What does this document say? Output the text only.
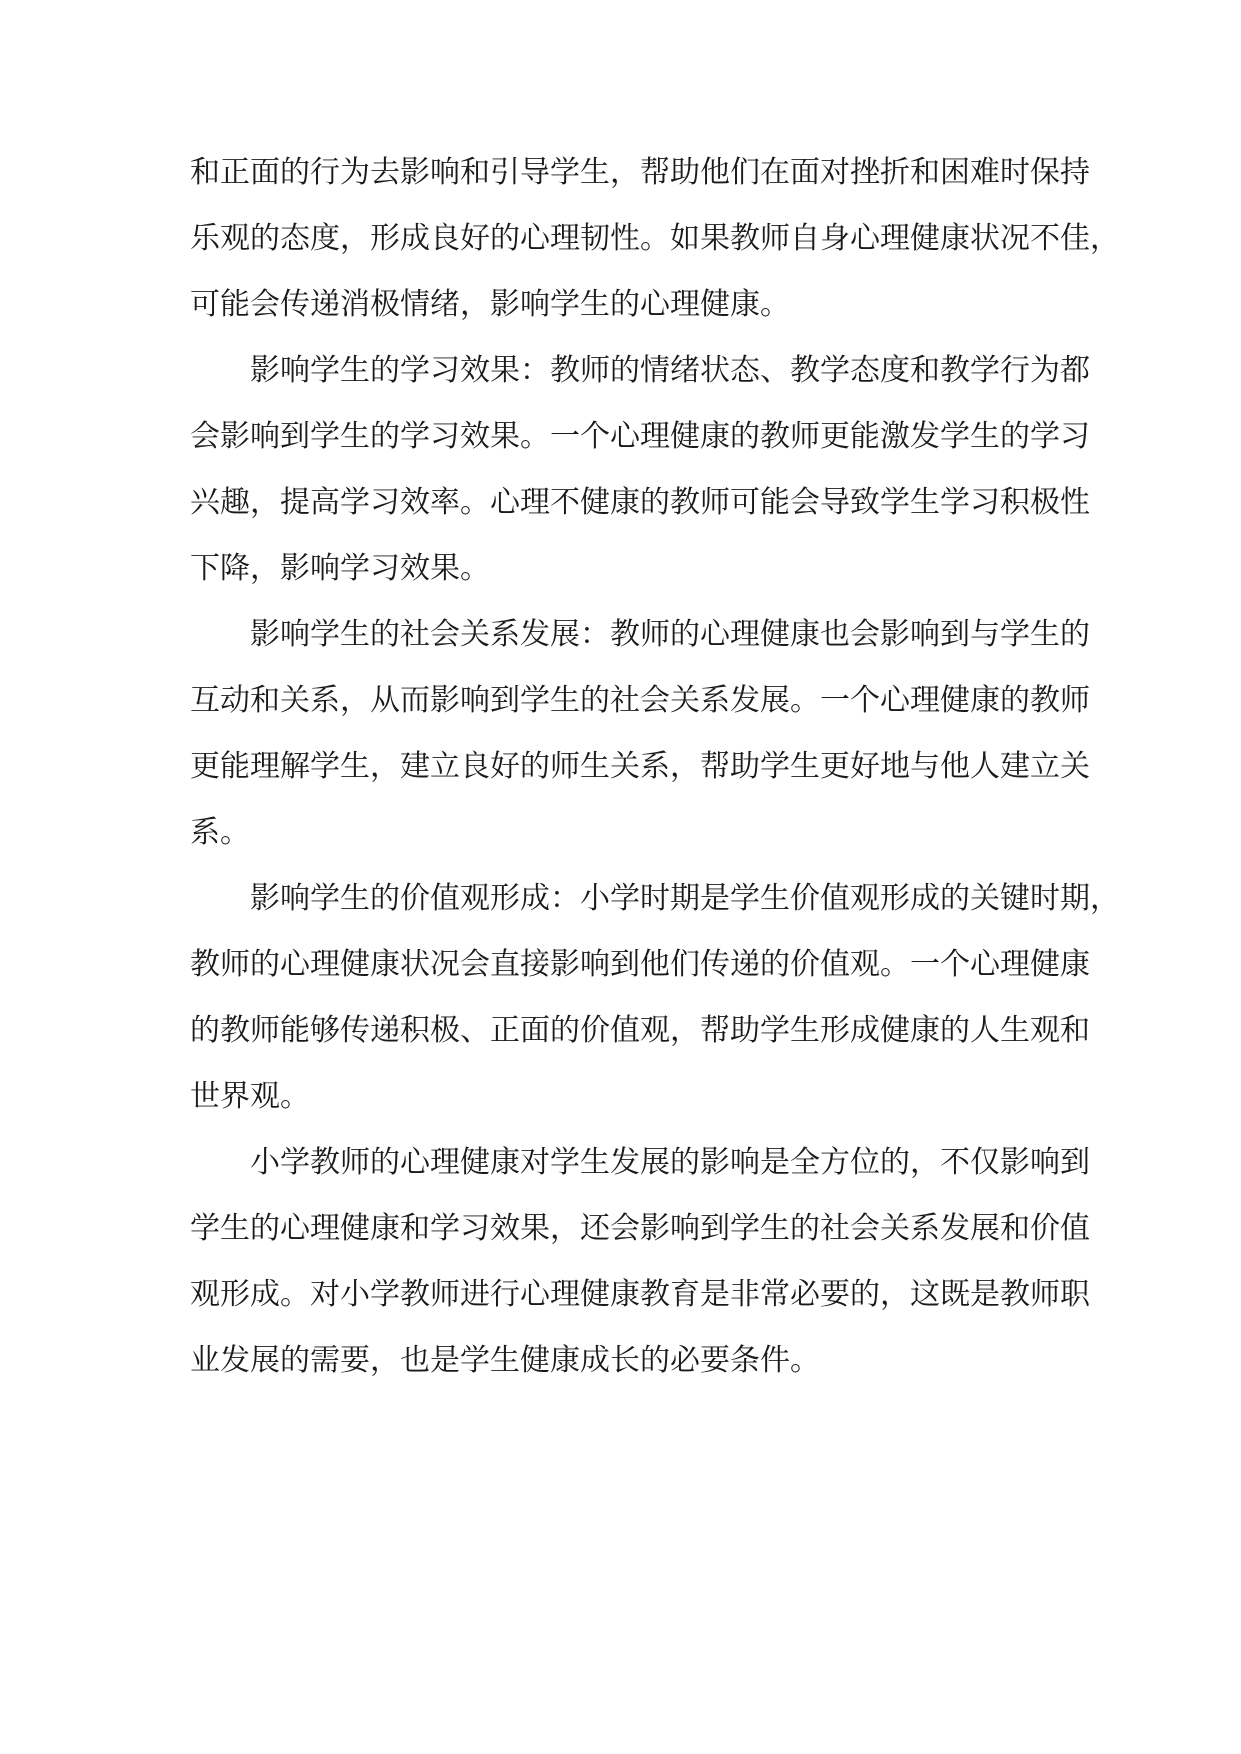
和正面的行为去影响和引导学生，帮助他们在面对挫折和困难时保持
乐观的态度，形成良好的心理韧性。如果教师自身心理健康状况不佳，
可能会传递消极情绪，影响学生的心理健康。
　　影响学生的学习效果：教师的情绪状态、教学态度和教学行为都
会影响到学生的学习效果。一个心理健康的教师更能激发学生的学习
兴趣，提高学习效率。心理不健康的教师可能会导致学生学习积极性
下降，影响学习效果。
　　影响学生的社会关系发展：教师的心理健康也会影响到与学生的
互动和关系，从而影响到学生的社会关系发展。一个心理健康的教师
更能理解学生，建立良好的师生关系，帮助学生更好地与他人建立关
系。
　　影响学生的价值观形成：小学时期是学生价值观形成的关键时期，
教师的心理健康状况会直接影响到他们传递的价值观。一个心理健康
的教师能够传递积极、正面的价值观，帮助学生形成健康的人生观和
世界观。
　　小学教师的心理健康对学生发展的影响是全方位的，不仅影响到
学生的心理健康和学习效果，还会影响到学生的社会关系发展和价值
观形成。对小学教师进行心理健康教育是非常必要的，这既是教师职
业发展的需要，也是学生健康成长的必要条件。
